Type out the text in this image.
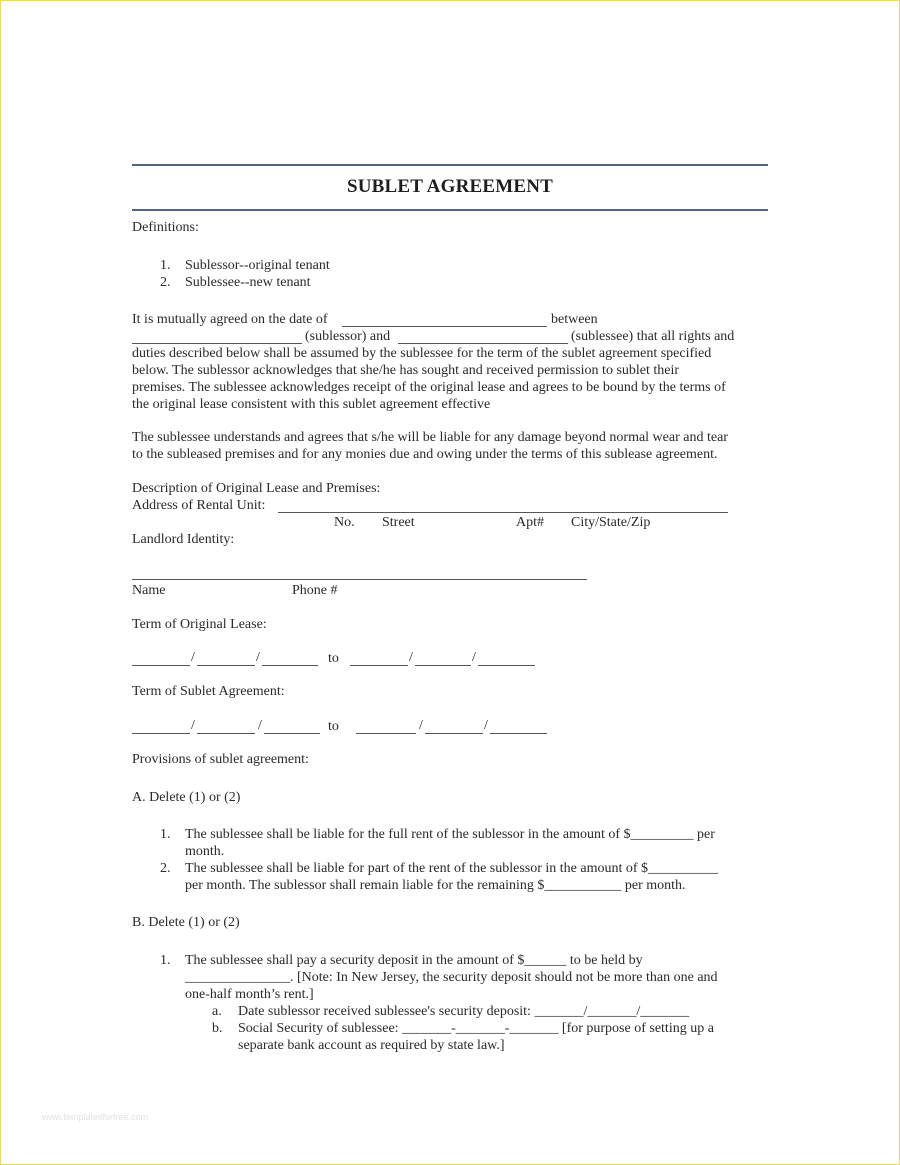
SUBLET AGREEMENT
Definitions:
1. Sublessor--original tenant
2. Sublessee--new tenant
It is mutually agreed on the date of	between
(sublessor) and	(sublessee) that all rights and
duties described below shall be assumed by the sublessee for the term of the sublet agreement specified
below. The sublessor acknowledges that she/he has sought and received permission to sublet their
premises. The sublessee acknowledges receipt of the original lease and agrees to be bound by the terms of
the original lease consistent with this sublet agreement effective
The sublessee understands and agrees that s/he will be liable for any damage beyond normal wear and tear
to the subleased premises and for any monies due and owing under the terms of this sublease agreement.
Description of Original Lease and Premises:
Address of Rental Unit:
No. Street	Apt# City/State/Zip
Landlord Identity:
Name	Phone #
Term of Original Lease:
/	/	to	/	/
Term of Sublet Agreement:
/	/	to	/	/
Provisions of sublet agreement:
A. Delete (1) or (2)
1. The sublessee shall be liable for the full rent of the sublessor in the amount of $_________ per
month.
2. The sublessee shall be liable for part of the rent of the sublessor in the amount of $__________
per month. The sublessor shall remain liable for the remaining $___________ per month.
B. Delete (1) or (2)
1. The sublessee shall pay a security deposit in the amount of $______ to be held by
_______________. [Note: In New Jersey, the security deposit should not be more than one and
one-half month’s rent.]
a. Date sublessor received sublessee's security deposit: _______/_______/_______
b. Social Security of sublessee: _______-_______-_______ [for purpose of setting up a
separate bank account as required by state law.]
www.templatesforfree.com
